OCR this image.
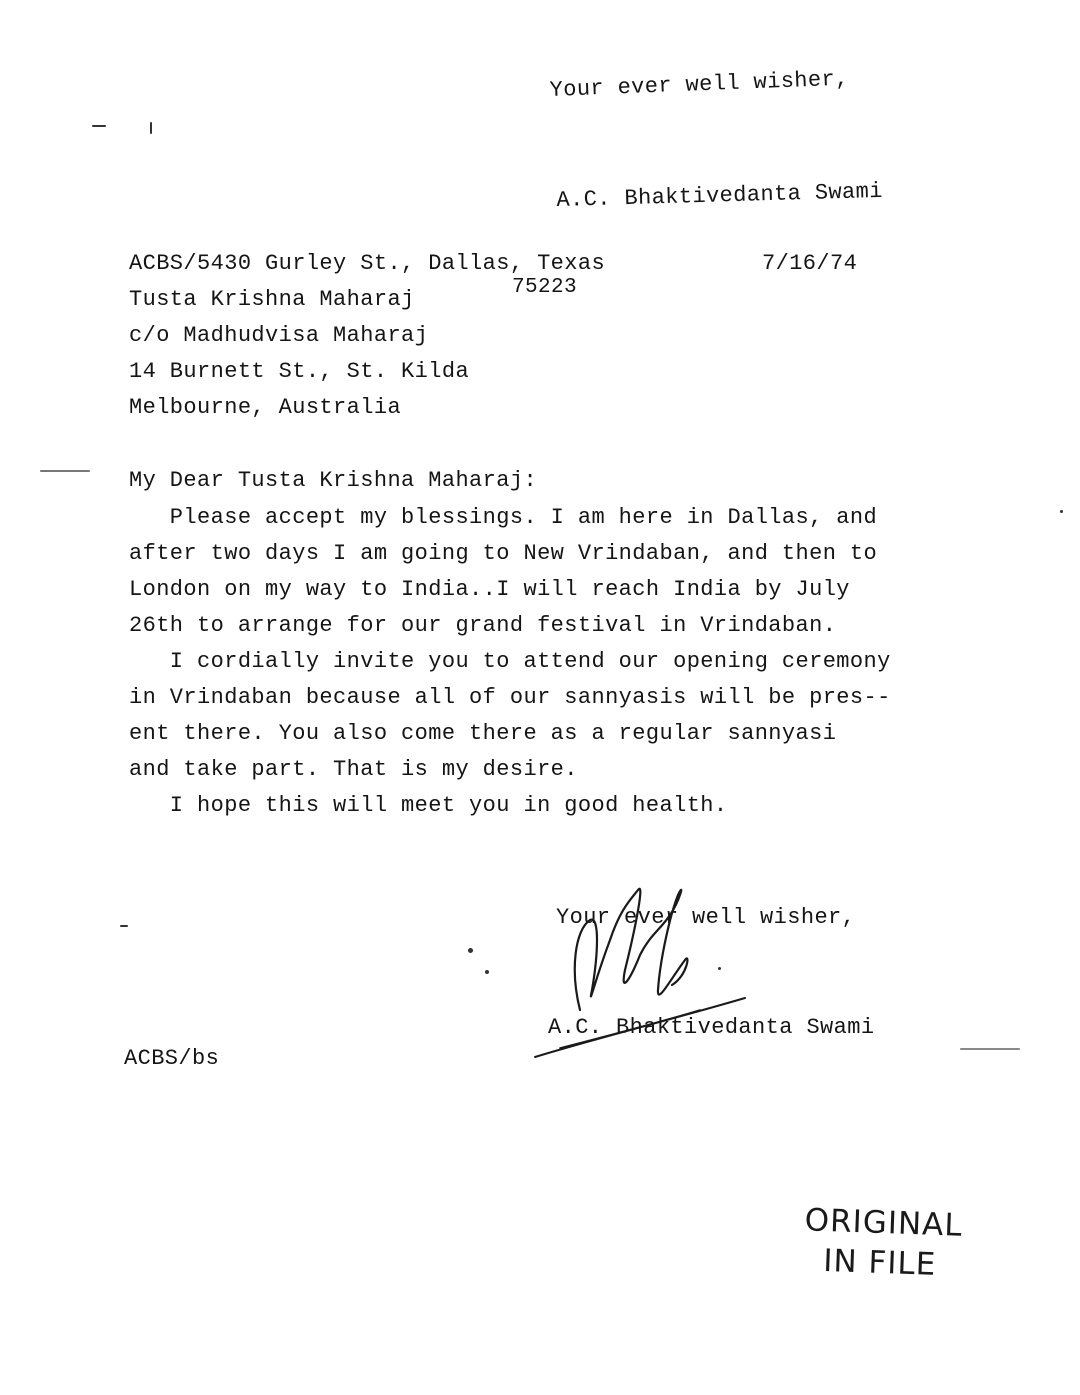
Your ever well wisher,
A.C. Bhaktivedanta Swami
ACBS/5430 Gurley St., Dallas, Texas	7/16/74
75223
Tusta Krishna Maharaj
c/o Madhudvisa Maharaj
14 Burnett St., St. Kilda
Melbourne, Australia
My Dear Tusta Krishna Maharaj:
Please accept my blessings. I am here in Dallas, and
after two days I am going to New Vrindaban, and then to
London on my way to India..I will reach India by July
26th to arrange for our grand festival in Vrindaban.
I cordially invite you to attend our opening ceremony
in Vrindaban because all of our sannyasis will be pres--
ent there. You also come there as a regular sannyasi
and take part. That is my desire.
I hope this will meet you in good health.
Your ever well wisher,
A.C. Bhaktivedanta Swami
ACBS/bs
ORIGINAL
IN FILE
